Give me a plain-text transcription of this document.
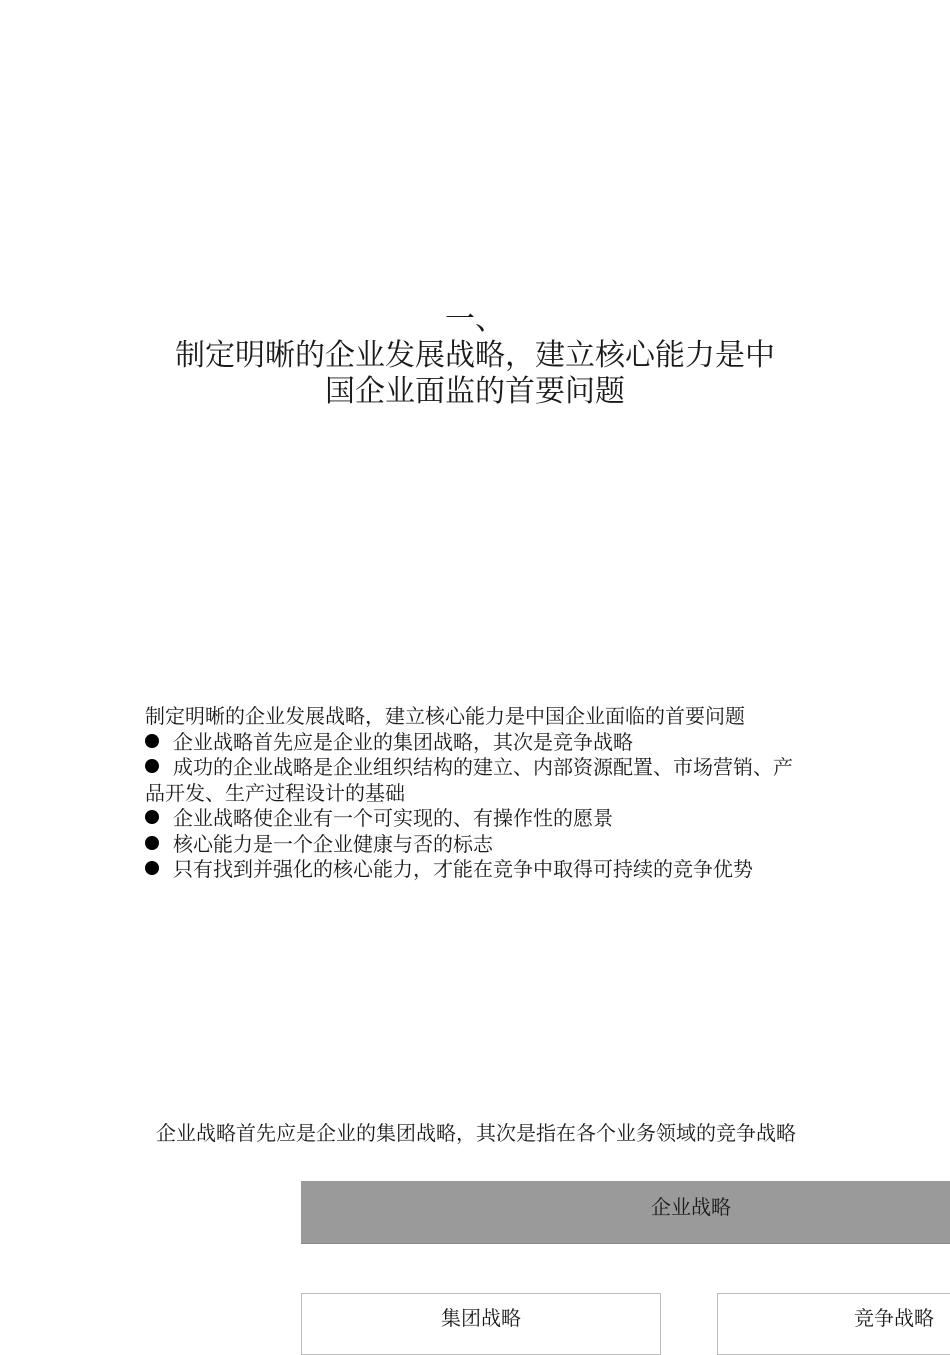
一、
制定明晰的企业发展战略，建立核心能力是中
国企业面监的首要问题

制定明晰的企业发展战略，建立核心能力是中国企业面临的首要问题

企业战略首先应是企业的集团战略，其次是竞争战略

成功的企业战略是企业组织结构的建立、内部资源配置、市场营销、产品开发、生产过程设计的基础

企业战略使企业有一个可实现的、有操作性的愿景

核心能力是一个企业健康与否的标志

只有找到并强化的核心能力，才能在竞争中取得可持续的竞争优势

企业战略首先应是企业的集团战略，其次是指在各个业务领域的竞争战略
企业战略
集团战略	竞争战略
